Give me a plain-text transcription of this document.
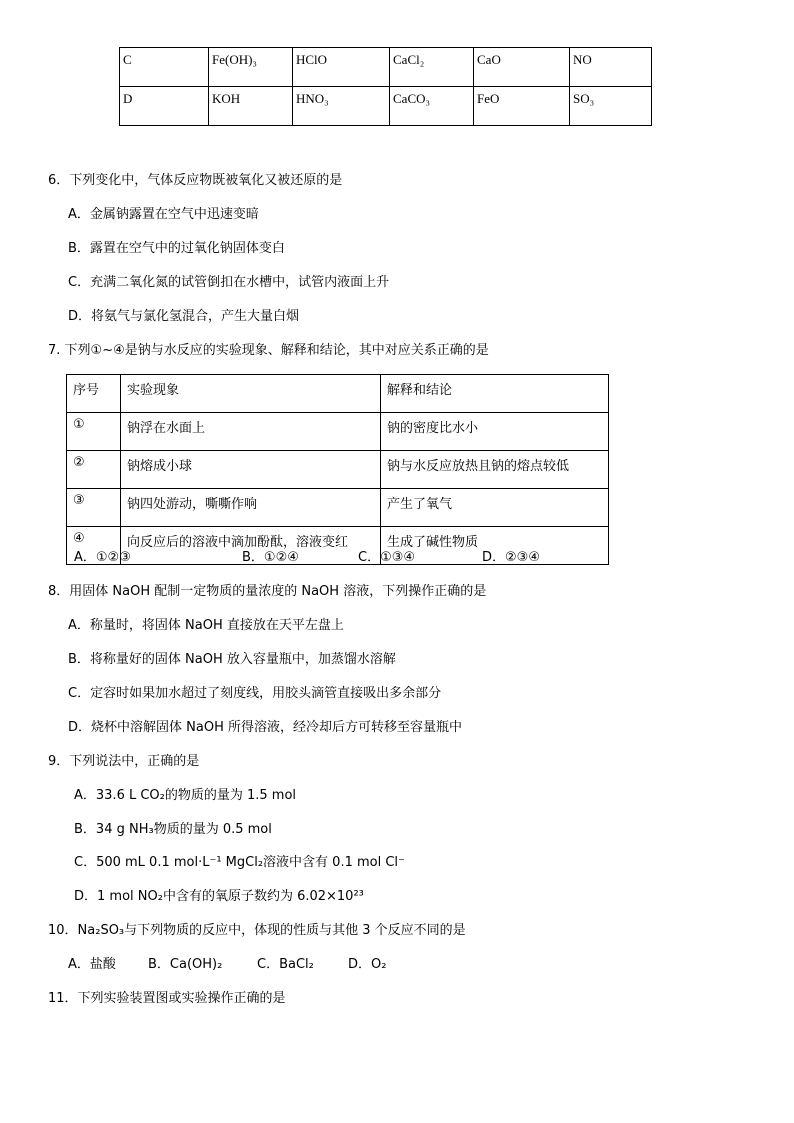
C	Fe(OH)₃	HClO	CaCl₂	CaO	NO
D	KOH	HNO₃	CaCO₃	FeO	SO₃
6．下列变化中，气体反应物既被氧化又被还原的是
A．金属钠露置在空气中迅速变暗
B．露置在空气中的过氧化钠固体变白
C．充满二氧化氮的试管倒扣在水槽中，试管内液面上升
D．将氨气与氯化氢混合，产生大量白烟
7. 下列①~④是钠与水反应的实验现象、解释和结论，其中对应关系正确的是
序号	实验现象	解释和结论
①	钠浮在水面上	钠的密度比水小
②	钠熔成小球	钠与水反应放热且钠的熔点较低
③	钠四处游动，嘶嘶作响	产生了氧气
④	向反应后的溶液中滴加酚酞，溶液变红	生成了碱性物质
A．①②③	B．①②④	C．①③④	D．②③④
8．用固体 NaOH 配制一定物质的量浓度的 NaOH 溶液，下列操作正确的是
A．称量时，将固体 NaOH 直接放在天平左盘上
B．将称量好的固体 NaOH 放入容量瓶中，加蒸馏水溶解
C．定容时如果加水超过了刻度线，用胶头滴管直接吸出多余部分
D．烧杯中溶解固体 NaOH 所得溶液，经冷却后方可转移至容量瓶中
9．下列说法中，正确的是
A．33.6 L CO₂的物质的量为 1.5 mol
B．34 g NH₃物质的量为 0.5 mol
C．500 mL 0.1 mol·L⁻¹ MgCl₂溶液中含有 0.1 mol Cl⁻
D．1 mol NO₂中含有的氧原子数约为 6.02×10²³
10．Na₂SO₃与下列物质的反应中，体现的性质与其他 3 个反应不同的是
A．盐酸 B．Ca(OH)₂	C．BaCl₂	D．O₂
11．下列实验装置图或实验操作正确的是
